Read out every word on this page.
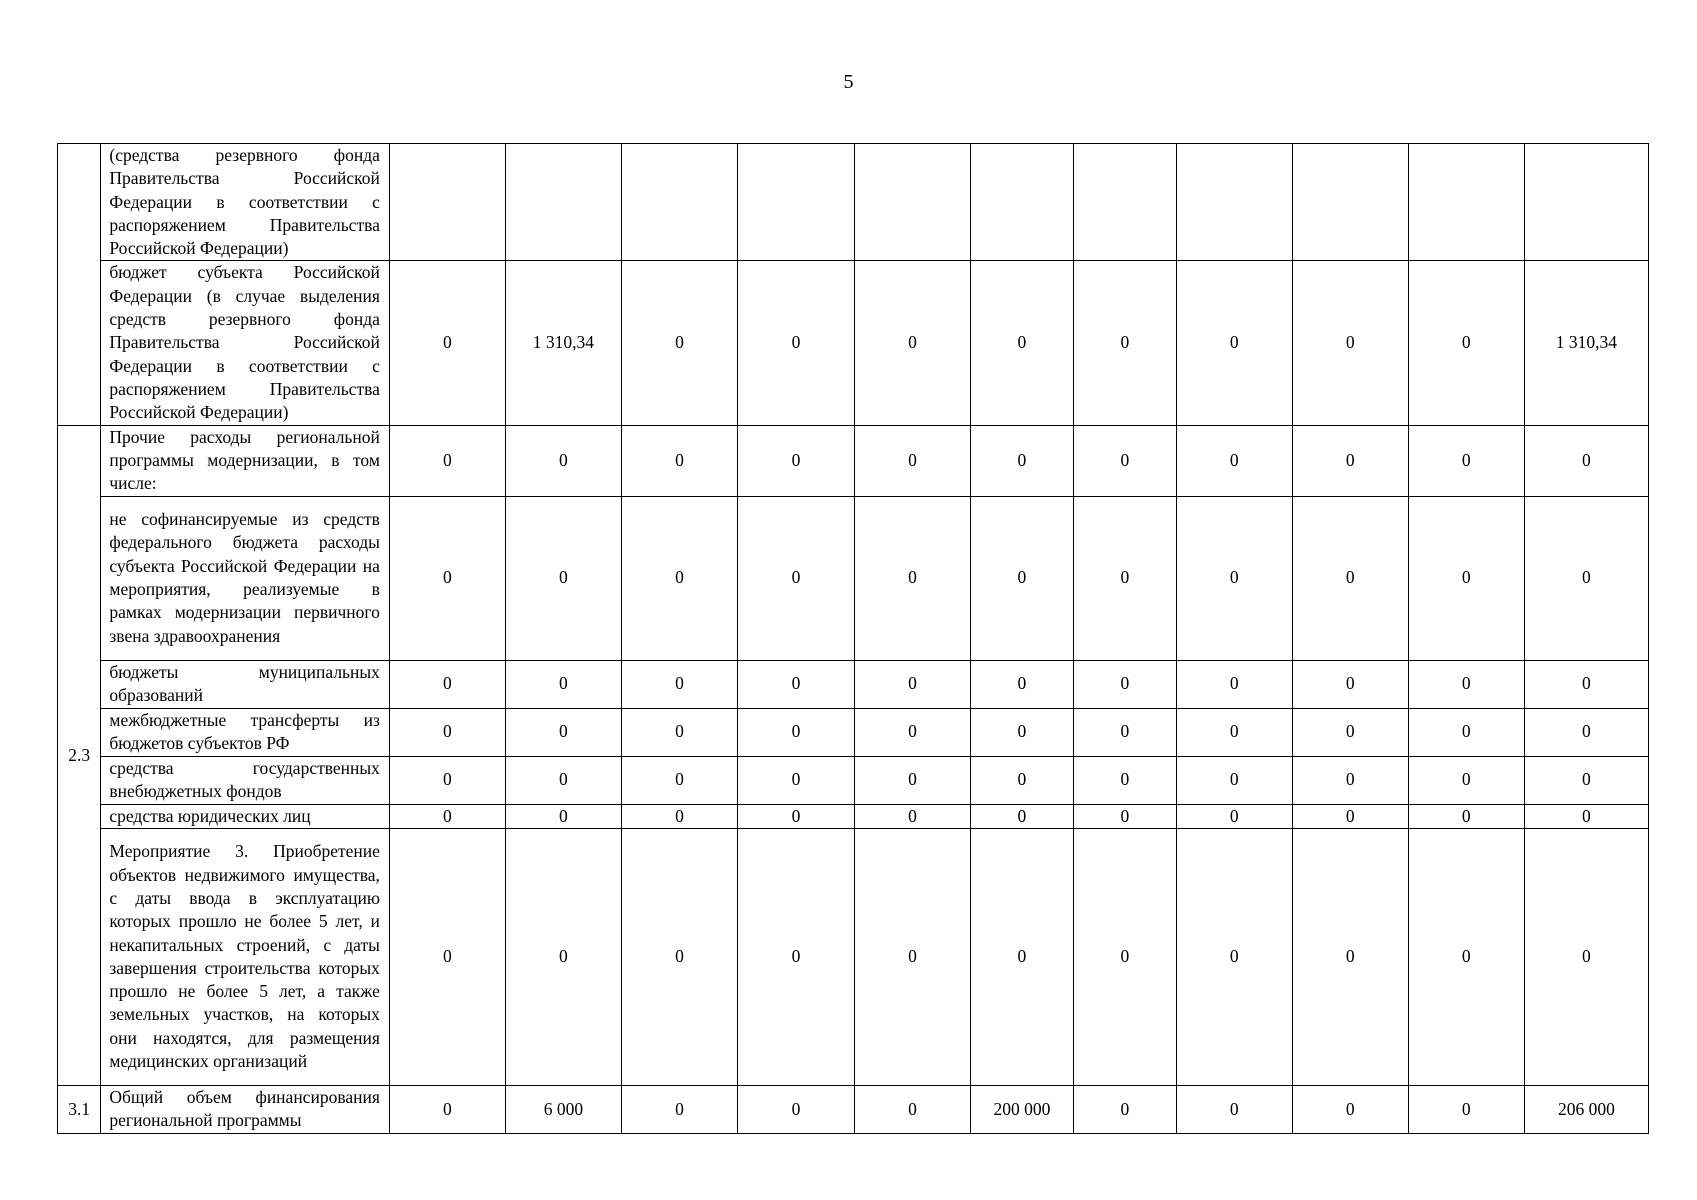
5
	(средства резервного фонда Правительства Российской Федерации в соответствии с распоряжением Правительства Российской Федерации)											
	бюджет субъекта Российской Федерации (в случае выделения средств резервного фонда Правительства Российской Федерации в соответствии с распоряжением Правительства Российской Федерации)	0	1 310,34	0	0	0	0	0	0	0	0	1 310,34

2.3	Прочие расходы региональной программы модернизации, в том числе:	0	0	0	0	0	0	0	0	0	0	0
	не софинансируемые из средств федерального бюджета расходы субъекта Российской Федерации на мероприятия, реализуемые в рамках модернизации первичного звена здравоохранения	0	0	0	0	0	0	0	0	0	0	0
	бюджеты муниципальных образований	0	0	0	0	0	0	0	0	0	0	0
	межбюджетные трансферты из бюджетов субъектов РФ	0	0	0	0	0	0	0	0	0	0	0
	средства государственных внебюджетных фондов	0	0	0	0	0	0	0	0	0	0	0
	средства юридических лиц	0	0	0	0	0	0	0	0	0	0	0
	Мероприятие 3. Приобретение объектов недвижимого имущества, с даты ввода в эксплуатацию которых прошло не более 5 лет, и некапитальных строений, с даты завершения строительства которых прошло не более 5 лет, а также земельных участков, на которых они находятся, для размещения медицинских организаций	0	0	0	0	0	0	0	0	0	0	0

3.1	Общий объем финансирования региональной программы	0	6 000	0	0	0	200 000	0	0	0	0	206 000
